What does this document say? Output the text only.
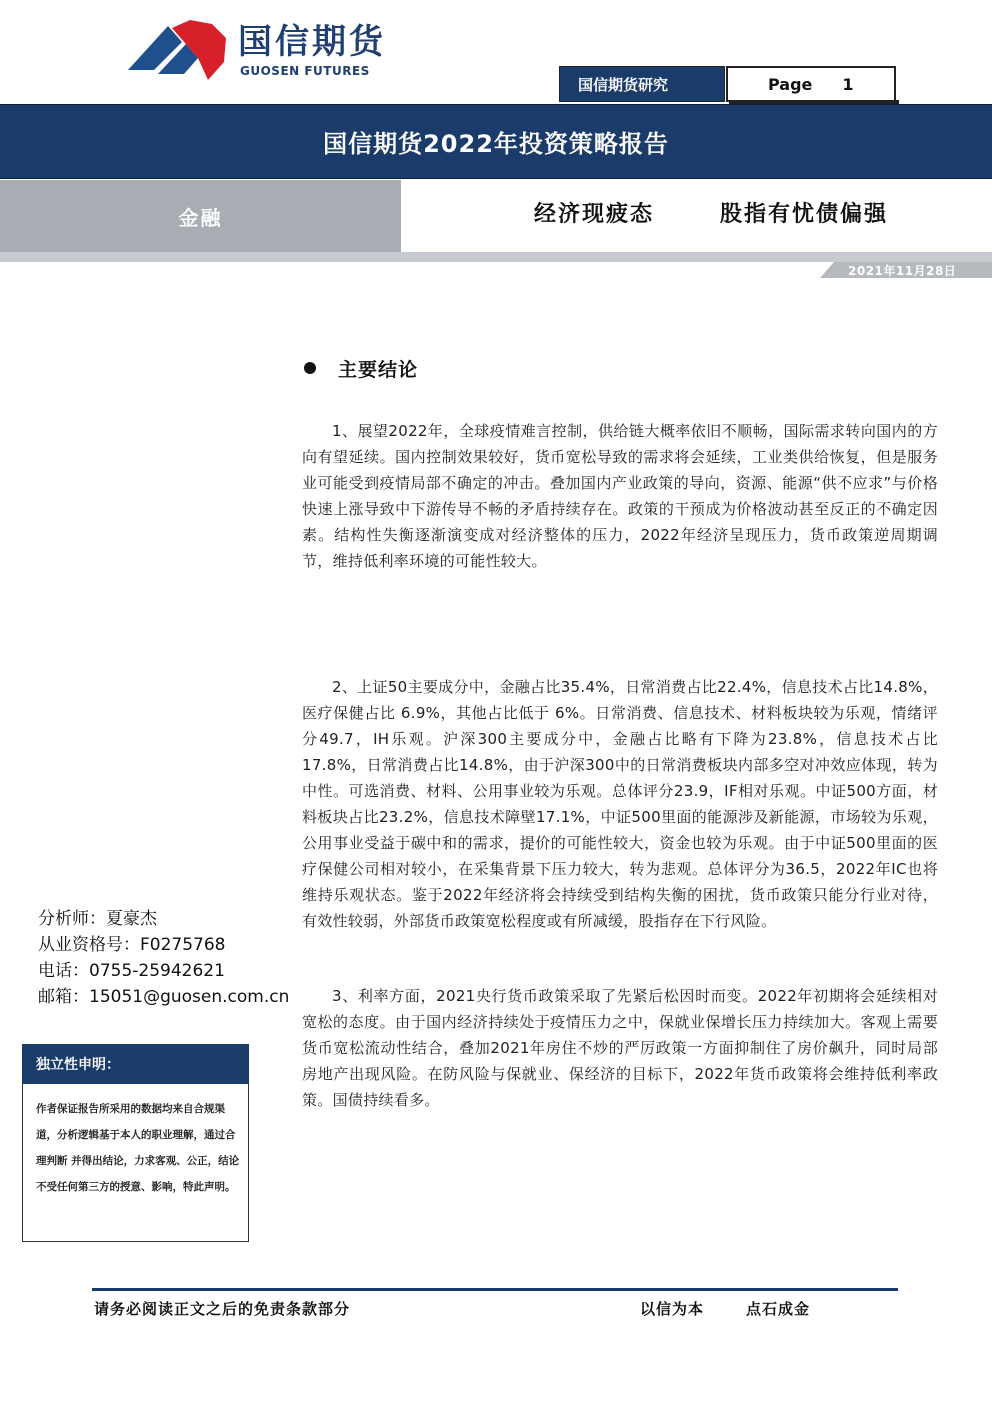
国信期货
GUOSEN FUTURES
国信期货研究	Page 1
国信期货2022年投资策略报告
金融	经济现疲态	股指有忧债偏强
2021年11月28日
主要结论
1、展望2022年，全球疫情难言控制，供给链大概率依旧不顺畅，国际需求转向国内的方向有望延续。国内控制效果较好，货币宽松导致的需求将会延续，工业类供给恢复，但是服务业可能受到疫情局部不确定的冲击。叠加国内产业政策的导向，资源、能源“供不应求”与价格快速上涨导致中下游传导不畅的矛盾持续存在。政策的干预成为价格波动甚至反正的不确定因素。结构性失衡逐渐演变成对经济整体的压力，2022年经济呈现压力，货币政策逆周期调节，维持低利率环境的可能性较大。
2、上证50主要成分中，金融占比35.4%，日常消费占比22.4%，信息技术占比14.8%，医疗保健占比 6.9%，其他占比低于 6%。日常消费、信息技术、材料板块较为乐观，情绪评分49.7，IH乐观。沪深300主要成分中，金融占比略有下降为23.8%，信息技术占比17.8%，日常消费占比14.8%，由于沪深300中的日常消费板块内部多空对冲效应体现，转为中性。可选消费、材料、公用事业较为乐观。总体评分23.9，IF相对乐观。中证500方面，材料板块占比23.2%，信息技术障壁17.1%，中证500里面的能源涉及新能源，市场较为乐观，公用事业受益于碳中和的需求，提价的可能性较大，资金也较为乐观。由于中证500里面的医疗保健公司相对较小，在采集背景下压力较大，转为悲观。总体评分为36.5，2022年IC也将维持乐观状态。鉴于2022年经济将会持续受到结构失衡的困扰，货币政策只能分行业对待，有效性较弱，外部货币政策宽松程度或有所减缓，股指存在下行风险。
3、利率方面，2021央行货币政策采取了先紧后松因时而变。2022年初期将会延续相对宽松的态度。由于国内经济持续处于疫情压力之中，保就业保增长压力持续加大。客观上需要货币宽松流动性结合，叠加2021年房住不炒的严厉政策一方面抑制住了房价飙升，同时局部房地产出现风险。在防风险与保就业、保经济的目标下，2022年货币政策将会维持低利率政策。国债持续看多。
分析师：夏豪杰
从业资格号：F0275768
电话：0755-25942621
邮箱：15051@guosen.com.cn
独立性申明：
作者保证报告所采用的数据均来自合规渠道，分析逻辑基于本人的职业理解，通过合理判断 并得出结论，力求客观、公正，结论不受任何第三方的授意、影响，特此声明。
请务必阅读正文之后的免责条款部分	以信为本	点石成金
